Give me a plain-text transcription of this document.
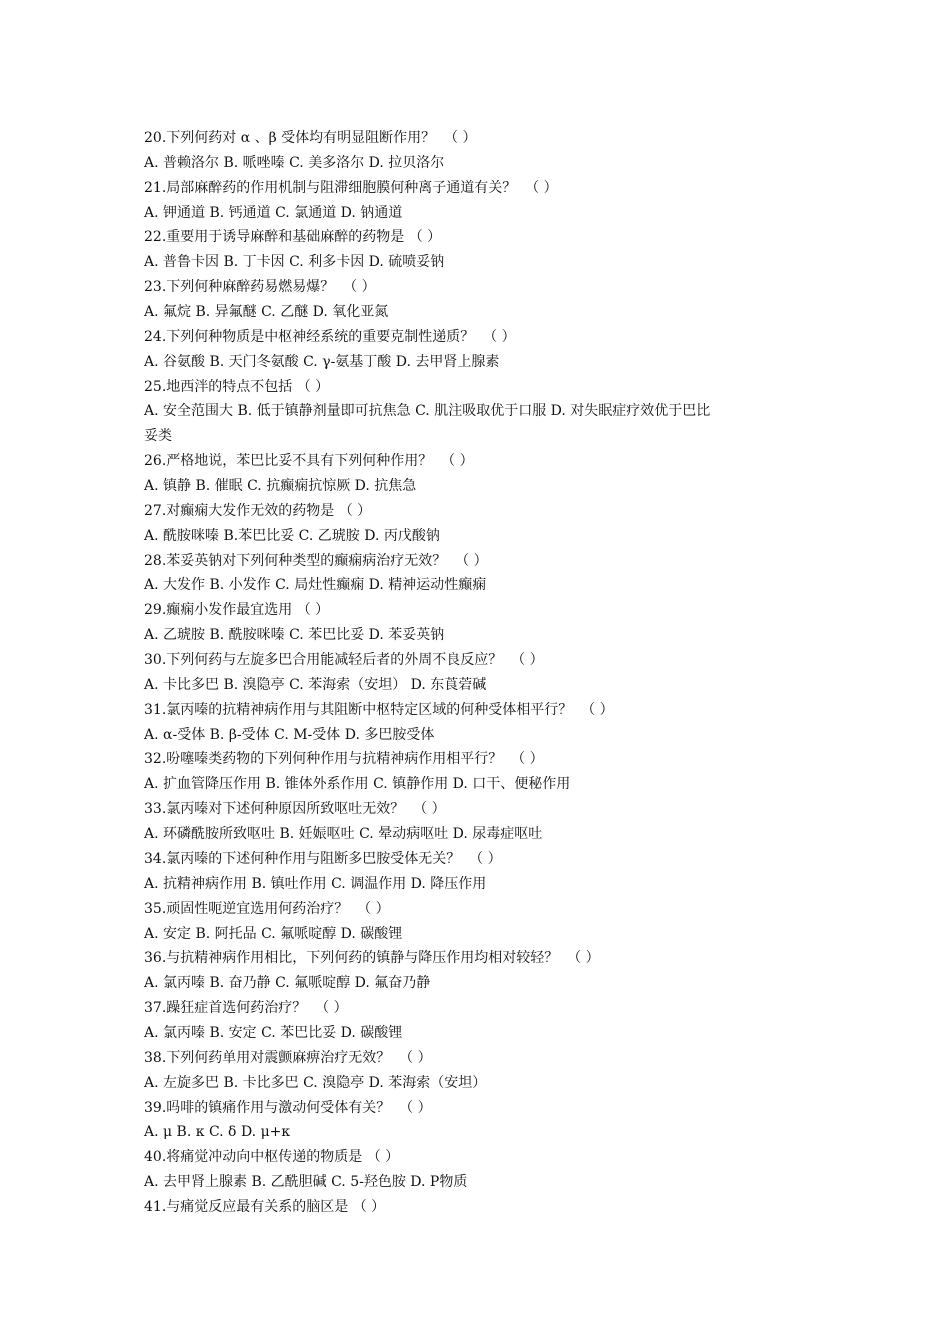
20.下列何药对 α 、β 受体均有明显阻断作用？  （ ）

A. 普赖洛尔 B. 哌唑嗪 C. 美多洛尔 D. 拉贝洛尔

21.局部麻醉药的作用机制与阻滞细胞膜何种离子通道有关？  （ ）

A. 钾通道 B. 钙通道 C. 氯通道 D. 钠通道

22.重要用于诱导麻醉和基础麻醉的药物是 （ ）

A. 普鲁卡因 B. 丁卡因 C. 利多卡因 D. 硫喷妥钠

23.下列何种麻醉药易燃易爆？  （ ）

A. 氟烷 B. 异氟醚 C. 乙醚 D. 氧化亚氮

24.下列何种物质是中枢神经系统的重要克制性递质？  （ ）

A. 谷氨酸 B. 天门冬氨酸 C. γ-氨基丁酸 D. 去甲肾上腺素

25.地西泮的特点不包括 （ ）

A. 安全范围大 B. 低于镇静剂量即可抗焦急 C. 肌注吸取优于口服 D. 对失眠症疗效优于巴比

妥类

26.严格地说，苯巴比妥不具有下列何种作用？  （ ）

A. 镇静 B. 催眠 C. 抗癫痫抗惊厥 D. 抗焦急

27.对癫痫大发作无效的药物是 （ ）

A. 酰胺咪嗪 B.苯巴比妥 C. 乙琥胺 D. 丙戊酸钠

28.苯妥英钠对下列何种类型的癫痫病治疗无效？  （ ）

A. 大发作 B. 小发作 C. 局灶性癫痫 D. 精神运动性癫痫

29.癫痫小发作最宜选用 （ ）

A. 乙琥胺 B. 酰胺咪嗪 C. 苯巴比妥 D. 苯妥英钠

30.下列何药与左旋多巴合用能减轻后者的外周不良反应？  （ ）

A. 卡比多巴 B. 溴隐亭 C. 苯海索（安坦） D. 东莨菪碱

31.氯丙嗪的抗精神病作用与其阻断中枢特定区域的何种受体相平行？  （ ）

A. α-受体 B. β-受体 C. M-受体 D. 多巴胺受体

32.吩噻嗪类药物的下列何种作用与抗精神病作用相平行？  （ ）

A. 扩血管降压作用 B. 锥体外系作用 C. 镇静作用 D. 口干、便秘作用

33.氯丙嗪对下述何种原因所致呕吐无效？  （ ）

A. 环磷酰胺所致呕吐 B. 妊娠呕吐 C. 晕动病呕吐 D. 尿毒症呕吐

34.氯丙嗪的下述何种作用与阻断多巴胺受体无关？  （ ）

A. 抗精神病作用 B. 镇吐作用 C. 调温作用 D. 降压作用

35.顽固性呃逆宜选用何药治疗？  （ ）

A. 安定 B. 阿托品 C. 氟哌啶醇 D. 碳酸锂

36.与抗精神病作用相比，下列何药的镇静与降压作用均相对较轻？  （ ）

A. 氯丙嗪 B. 奋乃静 C. 氟哌啶醇 D. 氟奋乃静

37.躁狂症首选何药治疗？  （ ）

A. 氯丙嗪 B. 安定 C. 苯巴比妥 D. 碳酸锂

38.下列何药单用对震颤麻痹治疗无效？  （ ）

A. 左旋多巴 B. 卡比多巴 C. 溴隐亭 D. 苯海索（安坦）

39.吗啡的镇痛作用与激动何受体有关？  （ ）

A. μ B. κ C. δ D. μ+κ

40.将痛觉冲动向中枢传递的物质是 （ ）

A. 去甲肾上腺素 B. 乙酰胆碱 C. 5-羟色胺 D. P物质

41.与痛觉反应最有关系的脑区是 （ ）
